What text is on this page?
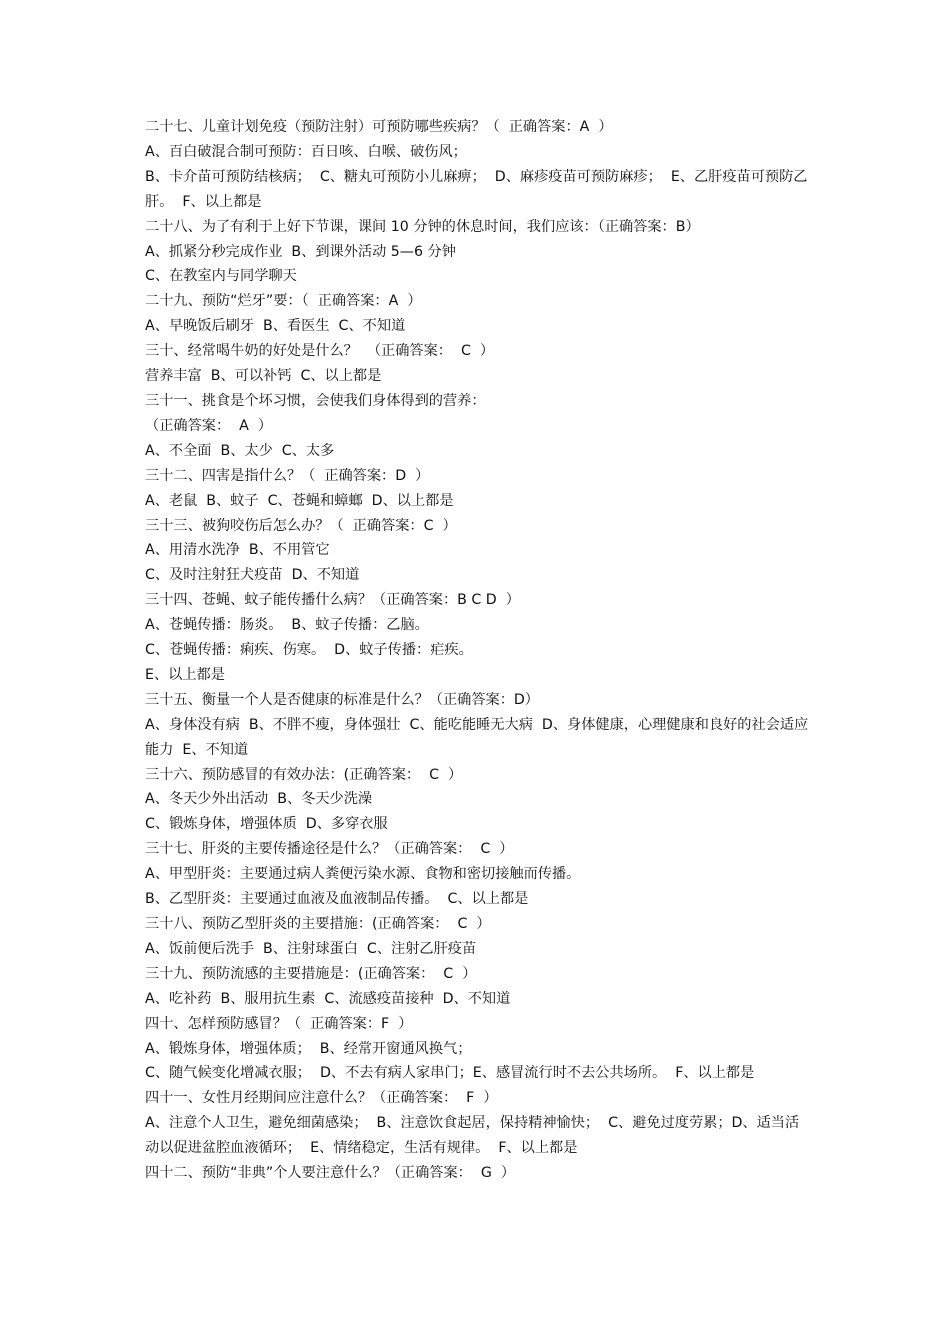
二十七、儿童计划免疫（预防注射）可预防哪些疾病？（  正确答案：A  ）

A、百白破混合制可预防：百日咳、白喉、破伤风；

B、卡介苗可预防结核病；  C、糖丸可预防小儿麻痹；  D、麻疹疫苗可预防麻疹；  E、乙肝疫苗可预防乙肝。  F、以上都是

二十八、为了有利于上好下节课，课间 10 分钟的休息时间，我们应该：（正确答案：B）

A、抓紧分秒完成作业  B、到课外活动 5—6 分钟

C、在教室内与同学聊天

二十九、预防“烂牙”要：（  正确答案：A  ）

A、早晚饭后刷牙  B、看医生  C、不知道

三十、经常喝牛奶的好处是什么？  （正确答案：  C  ）

营养丰富  B、可以补钙  C、以上都是

三十一、挑食是个坏习惯，会使我们身体得到的营养：

（正确答案：  A  ）

A、不全面  B、太少  C、太多

三十二、四害是指什么？（  正确答案：D  ）

A、老鼠  B、蚊子  C、苍蝇和蟑螂  D、以上都是

三十三、被狗咬伤后怎么办？（  正确答案：C  ）

A、用清水洗净  B、不用管它

C、及时注射狂犬疫苗  D、不知道

三十四、苍蝇、蚊子能传播什么病？（正确答案：B C D  ）

A、苍蝇传播：肠炎。  B、蚊子传播：乙脑。

C、苍蝇传播：痢疾、伤寒。  D、蚊子传播：疟疾。

E、以上都是

三十五、衡量一个人是否健康的标准是什么？（正确答案：D）

A、身体没有病  B、不胖不瘦，身体强壮  C、能吃能睡无大病  D、身体健康，心理健康和良好的社会适应能力  E、不知道

三十六、预防感冒的有效办法：(正确答案：  C  ）

A、冬天少外出活动  B、冬天少洗澡

C、锻炼身体，增强体质  D、多穿衣服

三十七、肝炎的主要传播途径是什么？（正确答案：  C  ）

A、甲型肝炎：主要通过病人粪便污染水源、食物和密切接触而传播。

B、乙型肝炎：主要通过血液及血液制品传播。  C、以上都是

三十八、预防乙型肝炎的主要措施：(正确答案：  C  ）

A、饭前便后洗手  B、注射球蛋白  C、注射乙肝疫苗

三十九、预防流感的主要措施是：(正确答案：  C  ）

A、吃补药  B、服用抗生素  C、流感疫苗接种  D、不知道

四十、怎样预防感冒？（  正确答案：F  ）

A、锻炼身体，增强体质；  B、经常开窗通风换气；

C、随气候变化增减衣服；  D、不去有病人家串门；E、感冒流行时不去公共场所。  F、以上都是

四十一、女性月经期间应注意什么？（正确答案：  F  ）

A、注意个人卫生，避免细菌感染；  B、注意饮食起居，保持精神愉快；  C、避免过度劳累；D、适当活动以促进盆腔血液循环；  E、情绪稳定，生活有规律。  F、以上都是

四十二、预防“非典”个人要注意什么？（正确答案：  G  ）
